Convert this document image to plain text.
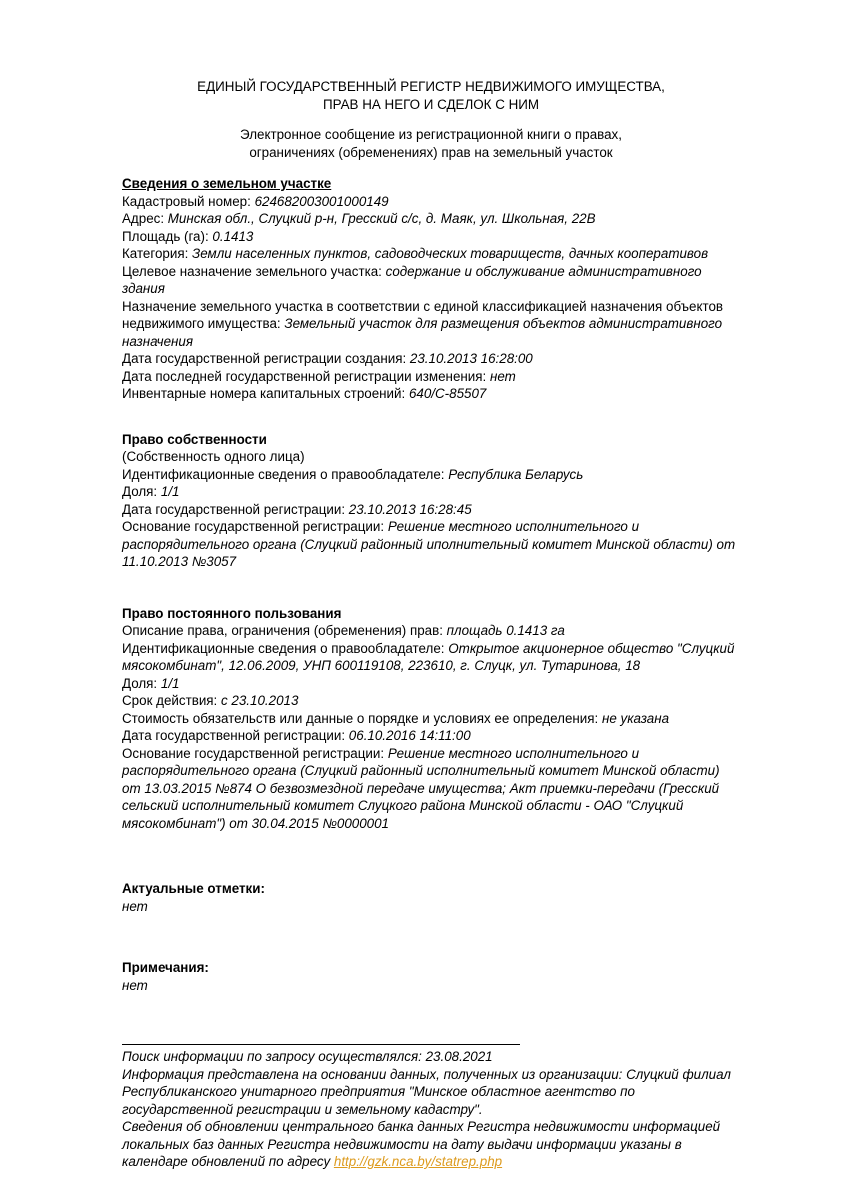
ЕДИНЫЙ ГОСУДАРСТВЕННЫЙ РЕГИСТР НЕДВИЖИМОГО ИМУЩЕСТВА,
ПРАВ НА НЕГО И СДЕЛОК С НИМ
Электронное сообщение из регистрационной книги о правах,
ограничениях (обременениях) прав на земельный участок
Сведения о земельном участке
Кадастровый номер: 624682003001000149
Адрес: Минская обл., Слуцкий р-н, Гресский с/с, д. Маяк, ул. Школьная, 22В
Площадь (га): 0.1413
Категория: Земли населенных пунктов, садоводческих товариществ, дачных кооперативов
Целевое назначение земельного участка: содержание и обслуживание административного здания
Назначение земельного участка в соответствии с единой классификацией назначения объектов недвижимого имущества: Земельный участок для размещения объектов административного назначения
Дата государственной регистрации создания: 23.10.2013 16:28:00
Дата последней государственной регистрации изменения: нет
Инвентарные номера капитальных строений: 640/С-85507
Право собственности
(Собственность одного лица)
Идентификационные сведения о правообладателе: Республика Беларусь
Доля: 1/1
Дата государственной регистрации: 23.10.2013 16:28:45
Основание государственной регистрации: Решение местного исполнительного и распорядительного органа (Слуцкий районный иполнительный комитет Минской области) от 11.10.2013 №3057
Право постоянного пользования
Описание права, ограничения (обременения) прав: площадь 0.1413 га
Идентификационные сведения о правообладателе: Открытое акционерное общество "Слуцкий мясокомбинат", 12.06.2009, УНП 600119108, 223610, г. Слуцк, ул. Тутаринова, 18
Доля: 1/1
Срок действия: с 23.10.2013
Стоимость обязательств или данные о порядке и условиях ее определения: не указана
Дата государственной регистрации: 06.10.2016 14:11:00
Основание государственной регистрации: Решение местного исполнительного и распорядительного органа (Слуцкий районный исполнительный комитет Минской области) от 13.03.2015 №874 О безвозмездной передаче имущества; Акт приемки-передачи (Гресский сельский исполнительный комитет Слуцкого района Минской области - ОАО "Слуцкий мясокомбинат") от 30.04.2015 №0000001
Актуальные отметки:
нет
Примечания:
нет
Поиск информации по запросу осуществлялся: 23.08.2021
Информация представлена на основании данных, полученных из организации: Слуцкий филиал Республиканского унитарного предприятия "Минское областное агентство по государственной регистрации и земельному кадастру".
Сведения об обновлении центрального банка данных Регистра недвижимости информацией локальных баз данных Регистра недвижимости на дату выдачи информации указаны в календаре обновлений по адресу http://gzk.nca.by/statrep.php
